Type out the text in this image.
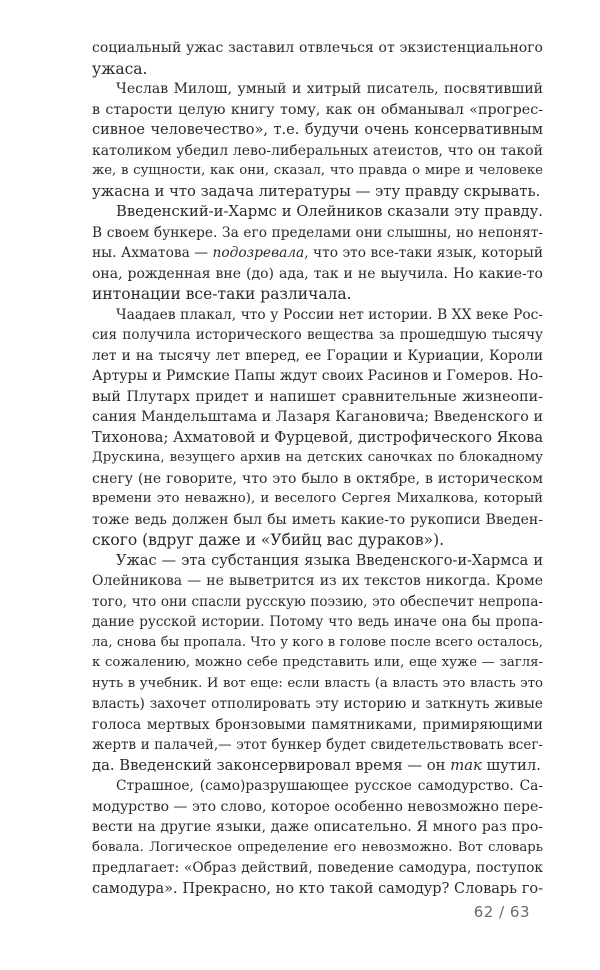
социальный ужас заставил отвлечься от экзистенциального
ужаса.
Чеслав Милош, умный и хитрый писатель, посвятивший
в старости целую книгу тому, как он обманывал «прогрес-
сивное человечество», т.е. будучи очень консервативным
католиком убедил лево-либеральных атеистов, что он такой
же, в сущности, как они, сказал, что правда о мире и человеке
ужасна и что задача литературы — эту правду скрывать.
Введенский-и-Хармс и Олейников сказали эту правду.
В своем бункере. За его пределами они слышны, но непонят-
ны. Ахматова — подозревала, что это все-таки язык, который
она, рожденная вне (до) ада, так и не выучила. Но какие-то
интонации все-таки различала.
Чаадаев плакал, что у России нет истории. В XX веке Рос-
сия получила исторического вещества за прошедшую тысячу
лет и на тысячу лет вперед, ее Горации и Куриации, Короли
Артуры и Римские Папы ждут своих Расинов и Гомеров. Но-
вый Плутарх придет и напишет сравнительные жизнеопи-
сания Мандельштама и Лазаря Кагановича; Введенского и
Тихонова; Ахматовой и Фурцевой, дистрофического Якова
Друскина, везущего архив на детских саночках по блокадному
снегу (не говорите, что это было в октябре, в историческом
времени это неважно), и веселого Сергея Михалкова, который
тоже ведь должен был бы иметь какие-то рукописи Введен-
ского (вдруг даже и «Убийц вас дураков»).
Ужас — эта субстанция языка Введенского-и-Хармса и
Олейникова — не выветрится из их текстов никогда. Кроме
того, что они спасли русскую поэзию, это обеспечит непропа-
дание русской истории. Потому что ведь иначе она бы пропа-
ла, снова бы пропала. Что у кого в голове после всего осталось,
к сожалению, можно себе представить или, еще хуже — загля-
нуть в учебник. И вот еще: если власть (а власть это власть это
власть) захочет отполировать эту историю и заткнуть живые
голоса мертвых бронзовыми памятниками, примиряющими
жертв и палачей,— этот бункер будет свидетельствовать всег-
да. Введенский законсервировал время — он так шутил.
Страшное, (само)разрушающее русское самодурство. Са-
модурство — это слово, которое особенно невозможно пере-
вести на другие языки, даже описательно. Я много раз про-
бовала. Логическое определение его невозможно. Вот словарь
предлагает: «Образ действий, поведение самодура, поступок
самодура». Прекрасно, но кто такой самодур? Словарь го-
62 / 63
